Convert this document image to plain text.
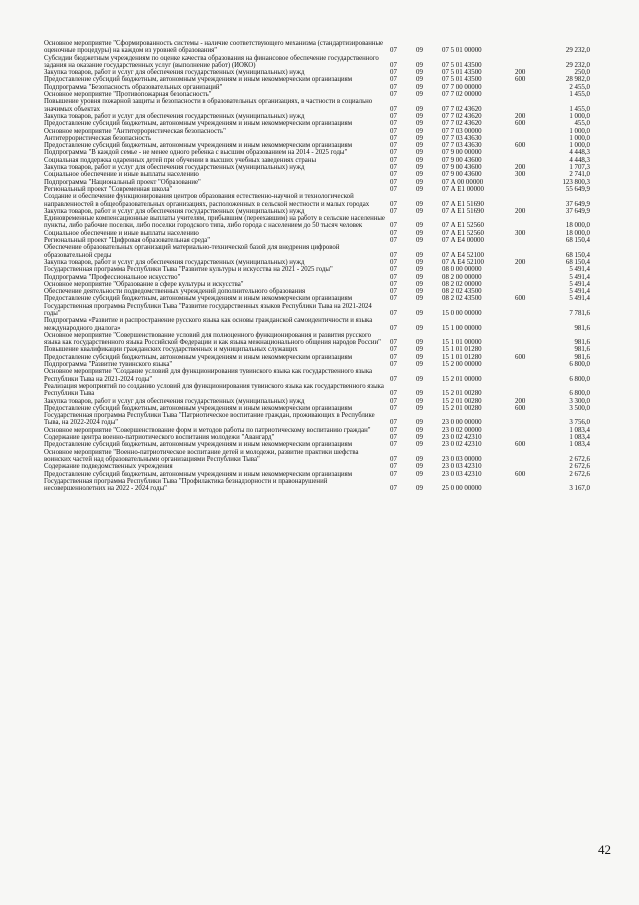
Основное мероприятие "Сформированность системы - наличие соответствующего механизма (стандартизированные оценочные процедуры) на каждом из уровней образования"	07	09	07 5 01 00000	29 232,0
Субсидии бюджетным учреждениям по оценке качества образования на финансовое обеспечение государственного задания на оказание государственных услуг (выполнение работ) (ИОКО)	07	09	07 5 01 43500	29 232,0
Закупка товаров, работ и услуг для обеспечения государственных (муниципальных) нужд	07	09	07 5 01 43500	200	250,0
Предоставление субсидий бюджетным, автономным учреждениям и иным некоммерческим организациям	07	09	07 5 01 43500	600	28 982,0
Подпрограмма "Безопасность образовательных организаций"	07	09	07 7 00 00000	2 455,0
Основное мероприятие "Противопожарная безопасность"	07	09	07 7 02 00000	1 455,0
Повышение уровня пожарной защиты и безопасности в образовательных организациях, в частности в социально значимых объектах	07	09	07 7 02 43620	1 455,0
Закупка товаров, работ и услуг для обеспечения государственных (муниципальных) нужд	07	09	07 7 02 43620	200	1 000,0
Предоставление субсидий бюджетным, автономным учреждениям и иным некоммерческим организациям	07	09	07 7 02 43620	600	455,0
Основное мероприятие "Антитеррористическая безопасность"	07	09	07 7 03 00000	1 000,0
Антитеррористическая безопасность	07	09	07 7 03 43630	1 000,0
Предоставление субсидий бюджетным, автономным учреждениям и иным некоммерческим организациям	07	09	07 7 03 43630	600	1 000,0
Подпрограмма "В каждой семье - не менее одного ребенка с высшим образованием на 2014 - 2025 годы"	07	09	07 9 00 00000	4 448,3
Социальная поддержка одаренных детей при обучении в высших учебных заведениях страны	07	09	07 9 00 43600	4 448,3
Закупка товаров, работ и услуг для обеспечения государственных (муниципальных) нужд	07	09	07 9 00 43600	200	1 707,3
Социальное обеспечение и иные выплаты населению	07	09	07 9 00 43600	300	2 741,0
Подпрограмма "Национальный проект "Образование"	07	09	07 А 00 00000	123 800,3
Региональный проект "Современная школа"	07	09	07 А Е1 00000	55 649,9
Создание и обеспечение функционирования центров образования естественно-научной и технологической направленностей в общеобразовательных организациях, расположенных в сельской местности и малых городах	07	09	07 А Е1 51690	37 649,9
Закупка товаров, работ и услуг для обеспечения государственных (муниципальных) нужд	07	09	07 А Е1 51690	200	37 649,9
Единовременные компенсационные выплаты учителям, прибывшим (переехавшим) на работу в сельские населенные пункты, либо рабочие поселки, либо поселки городского типа, либо города с населением до 50 тысяч человек	07	09	07 А Е1 52560	18 000,0
Социальное обеспечение и иные выплаты населению	07	09	07 А Е1 52560	300	18 000,0
Региональный проект "Цифровая образовательная среда"	07	09	07 А Е4 00000	68 150,4
Обеспечение образовательных организаций материально-технической базой для внедрения цифровой образовательной среды	07	09	07 А Е4 52100	68 150,4
Закупка товаров, работ и услуг для обеспечения государственных (муниципальных) нужд	07	09	07 А Е4 52100	200	68 150,4
Государственная программа Республики Тыва "Развитие культуры и искусства на 2021 - 2025 годы"	07	09	08 0 00 00000	5 491,4
Подпрограмма "Профессиональное искусство"	07	09	08 2 00 00000	5 491,4
Основное мероприятие "Образование в сфере культуры и искусства"	07	09	08 2 02 00000	5 491,4
Обеспечение деятельности подведомственных учреждений дополнительного образования	07	09	08 2 02 43500	5 491,4
Предоставление субсидий бюджетным, автономным учреждениям и иным некоммерческим организациям	07	09	08 2 02 43500	600	5 491,4
Государственная программа Республики Тыва "Развитие государственных языков Республики Тыва на 2021-2024 годы"	07	09	15 0 00 00000	7 781,6
Подпрограмма «Развитие и распространение русского языка как основы гражданской самоидентичности и языка международного диалога»	07	09	15 1 00 00000	981,6
Основное мероприятие "Совершенствование условий для полноценного функционирования и развития русского языка как государственного языка Российской Федерации и как языка межнационального общения народов России"	07	09	15 1 01 00000	981,6
Повышение квалификации гражданских государственных и муниципальных служащих	07	09	15 1 01 01280	981,6
Предоставление субсидий бюджетным, автономным учреждениям и иным некоммерческим организациям	07	09	15 1 01 01280	600	981,6
Подпрограмма "Развитие тувинского языка"	07	09	15 2 00 00000	6 800,0
Основное мероприятие "Создание условий для функционирования тувинского языка как государственного языка Республики Тыва на 2021-2024 годы"	07	09	15 2 01 00000	6 800,0
Реализация мероприятий по созданию условий для функционирования тувинского языка как государственного языка Республики Тыва	07	09	15 2 01 00280	6 800,0
Закупка товаров, работ и услуг для обеспечения государственных (муниципальных) нужд	07	09	15 2 01 00280	200	3 300,0
Предоставление субсидий бюджетным, автономным учреждениям и иным некоммерческим организациям	07	09	15 2 01 00280	600	3 500,0
Государственная программа Республики Тыва "Патриотическое воспитание граждан, проживающих в Республике Тыва, на 2022-2024 годы"	07	09	23 0 00 00000	3 756,0
Основное мероприятие "Совершенствование форм и методов работы по патриотическому воспитанию граждан"	07	09	23 0 02 00000	1 083,4
Содержание центра военно-патриотического воспитания молодежи "Авангард"	07	09	23 0 02 42310	1 083,4
Предоставление субсидий бюджетным, автономным учреждениям и иным некоммерческим организациям	07	09	23 0 02 42310	600	1 083,4
Основное мероприятие "Военно-патриотическое воспитание детей и молодежи, развитие практики шефства воинских частей над образовательными организациями Республики Тыва"	07	09	23 0 03 00000	2 672,6
Содержание подведомственных учреждения	07	09	23 0 03 42310	2 672,6
Предоставление субсидий бюджетным, автономным учреждениям и иным некоммерческим организациям	07	09	23 0 03 42310	600	2 672,6
Государственная программа Республики Тыва "Профилактика безнадзорности и правонарушений несовершеннолетних на 2022 - 2024 годы"	07	09	25 0 00 00000	3 167,0
42
